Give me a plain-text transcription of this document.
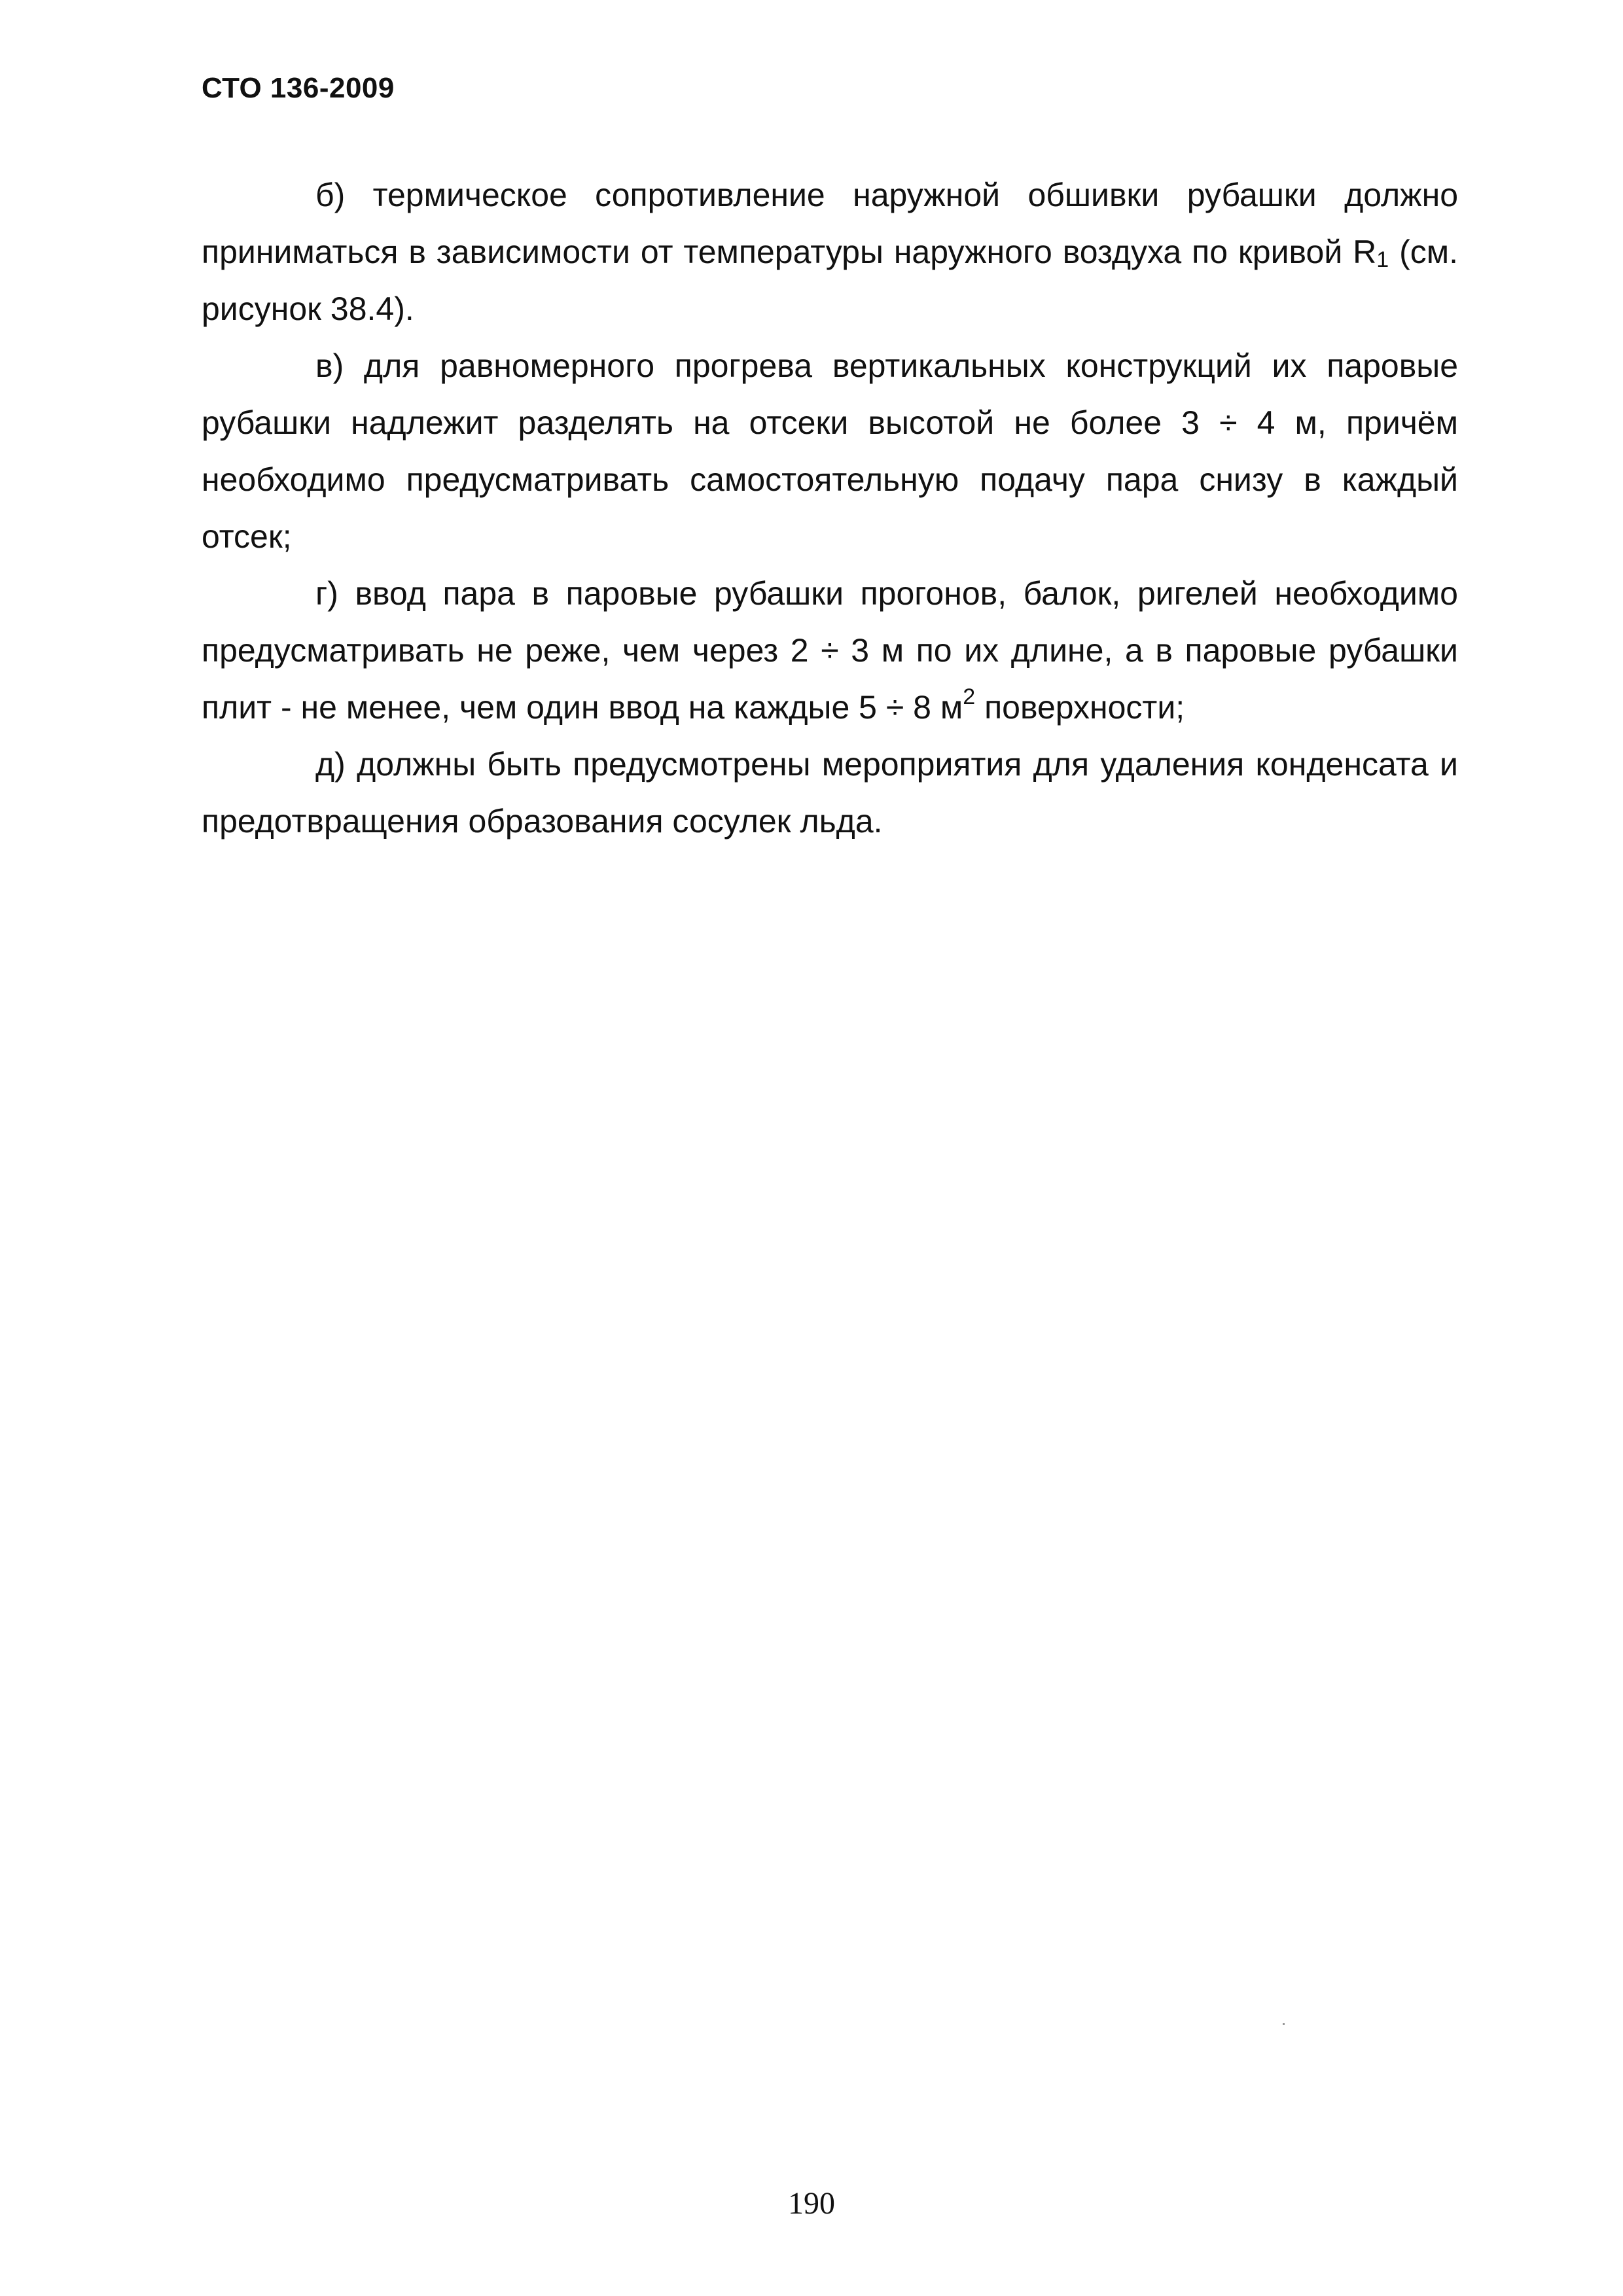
СТО 136-2009

б) термическое сопротивление наружной обшивки рубашки должно приниматься в зависимости от температуры наружного воздуха по кривой R1 (см. рисунок 38.4).

в) для равномерного прогрева вертикальных конструкций их паровые рубашки надлежит разделять на отсеки высотой не более 3 ÷ 4 м, причём необходимо предусматривать самостоятельную подачу пара снизу в каждый отсек;

г) ввод пара в паровые рубашки прогонов, балок, ригелей необходимо предусматривать не реже, чем через 2 ÷ 3 м по их длине, а в паровые рубашки плит - не менее, чем один ввод на каждые 5 ÷ 8 $м^2$ поверхности;

д) должны быть предусмотрены мероприятия для удаления конденсата и предотвращения образования сосулек льда.

190
